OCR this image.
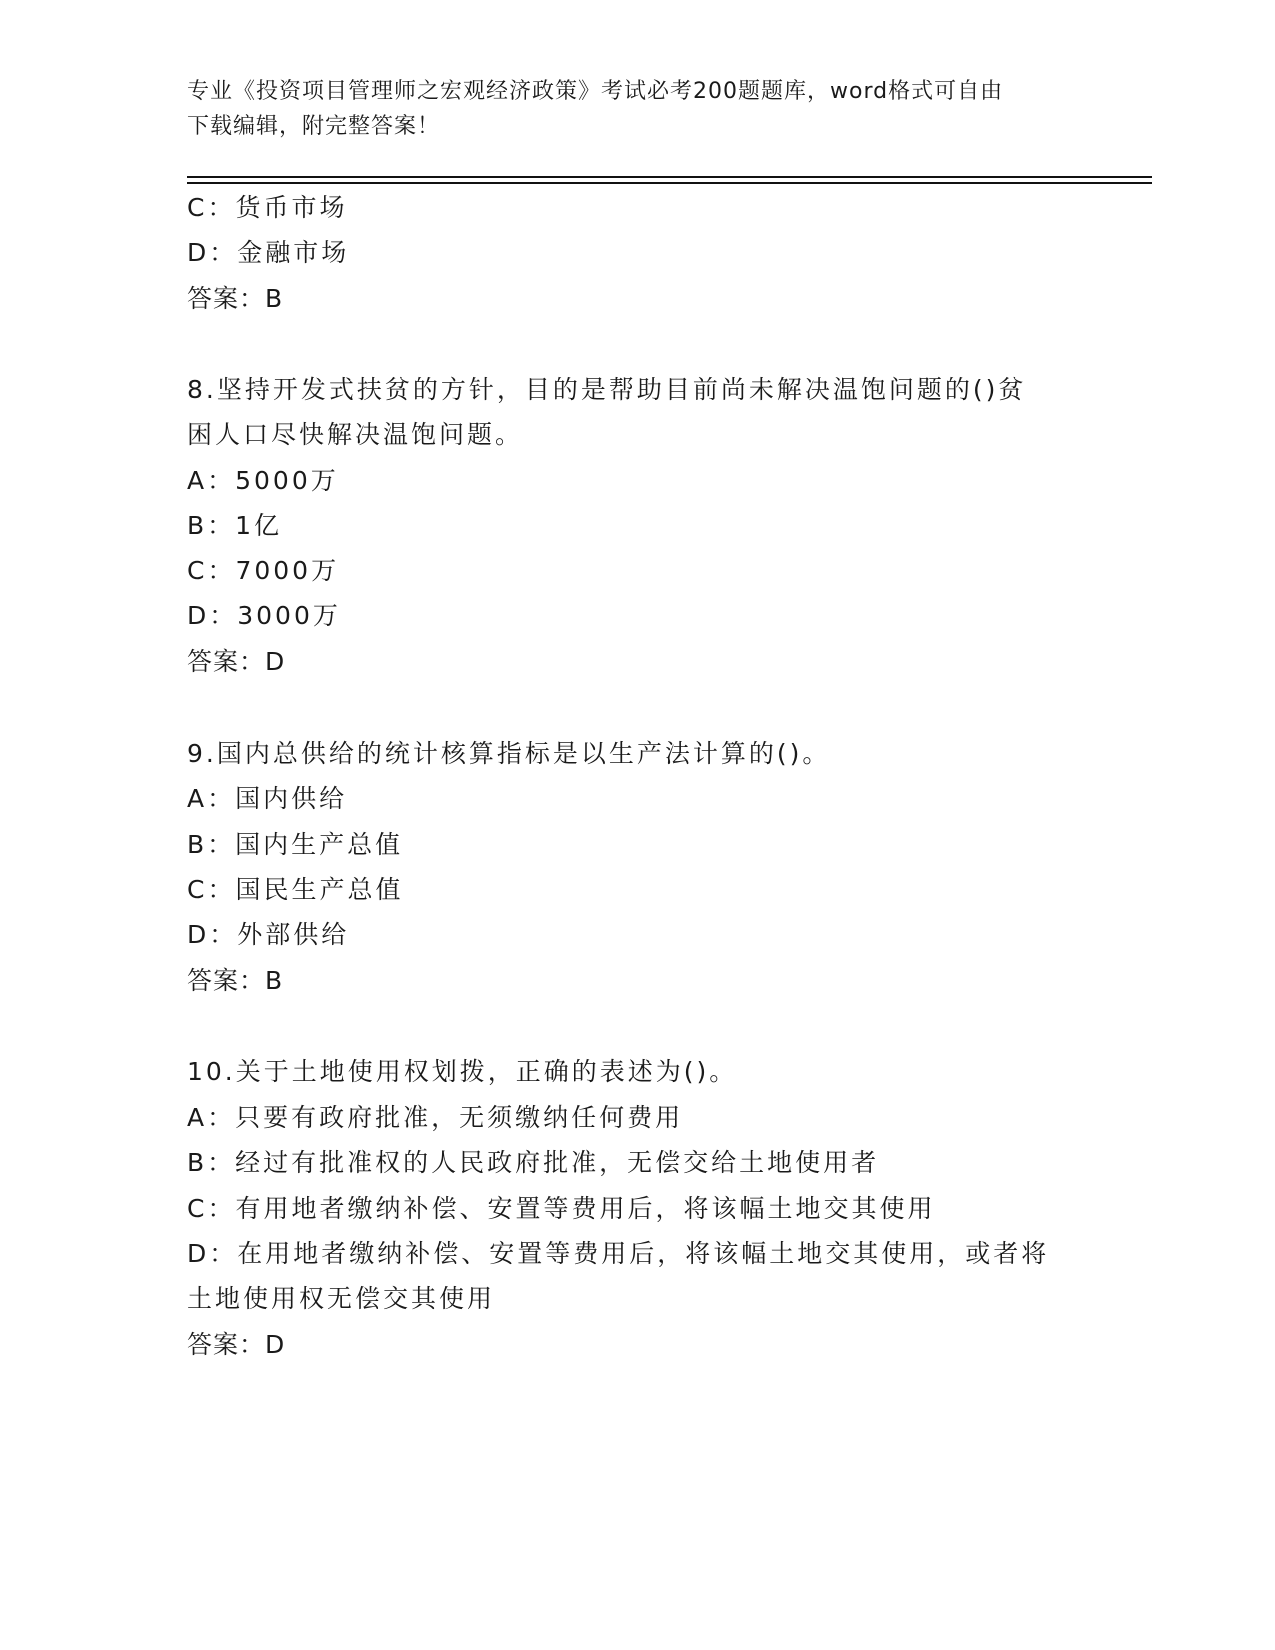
专业《投资项目管理师之宏观经济政策》考试必考200题题库，word格式可自由
下载编辑，附完整答案！
C：货币市场
D：金融市场
答案：B
8.坚持开发式扶贫的方针，目的是帮助目前尚未解决温饱问题的()贫
困人口尽快解决温饱问题。
A：5000万
B：1亿
C：7000万
D：3000万
答案：D
9.国内总供给的统计核算指标是以生产法计算的()。
A：国内供给
B：国内生产总值
C：国民生产总值
D：外部供给
答案：B
10.关于土地使用权划拨，正确的表述为()。
A：只要有政府批准，无须缴纳任何费用
B：经过有批准权的人民政府批准，无偿交给土地使用者
C：有用地者缴纳补偿、安置等费用后，将该幅土地交其使用
D：在用地者缴纳补偿、安置等费用后，将该幅土地交其使用，或者将
土地使用权无偿交其使用
答案：D
